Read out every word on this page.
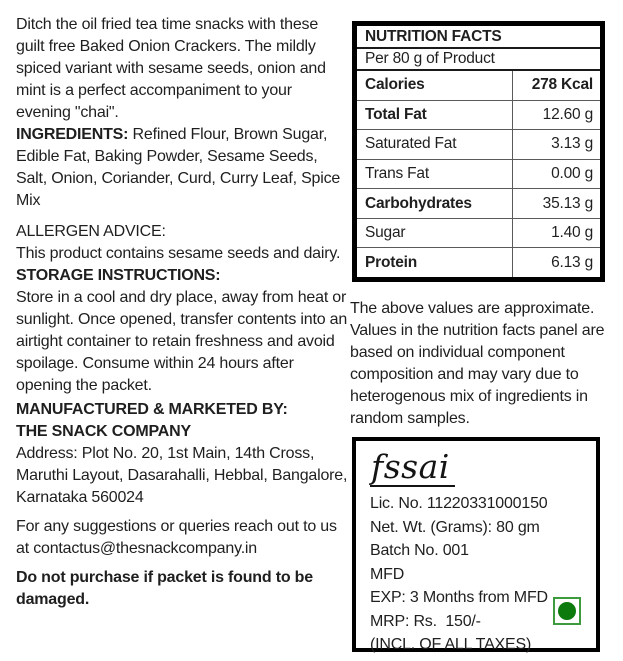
Ditch the oil fried tea time snacks with these guilt free Baked Onion Crackers. The mildly spiced variant with sesame seeds, onion and mint is a perfect accompaniment to your evening "chai".

INGREDIENTS: Refined Flour, Brown Sugar, Edible Fat, Baking Powder, Sesame Seeds, Salt, Onion, Coriander, Curd, Curry Leaf, Spice Mix

ALLERGEN ADVICE:
This product contains sesame seeds and dairy.

STORAGE INSTRUCTIONS:
Store in a cool and dry place, away from heat or sunlight. Once opened, transfer contents into an airtight container to retain freshness and avoid spoilage. Consume within 24 hours after opening the packet.

MANUFACTURED & MARKETED BY:
THE SNACK COMPANY
Address: Plot No. 20, 1st Main, 14th Cross, Maruthi Layout, Dasarahalli, Hebbal, Bangalore, Karnataka 560024

For any suggestions or queries reach out to us at contactus@thesnackcompany.in

Do not purchase if packet is found to be damaged.

NUTRITION FACTS
Per 80 g of Product
Calories	278 Kcal
Total Fat	12.60 g
Saturated Fat	3.13 g
Trans Fat	0.00 g
Carbohydrates	35.13 g
Sugar	1.40 g
Protein	6.13 g

The above values are approximate. Values in the nutrition facts panel are based on individual component composition and may vary due to heterogenous mix of ingredients in random samples.

fssai
Lic. No. 11220331000150
Net. Wt. (Grams): 80 gm
Batch No. 001
MFD
EXP: 3 Months from MFD
MRP: Rs.  150/-
(INCL. OF ALL TAXES)
